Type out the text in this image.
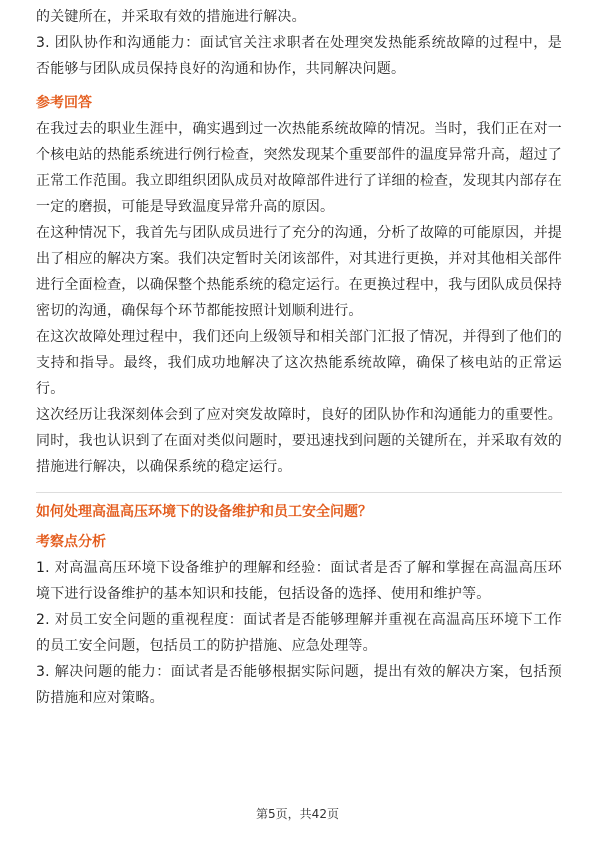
的关键所在，并采取有效的措施进行解决。

3. 团队协作和沟通能力：面试官关注求职者在处理突发热能系统故障的过程中，是否能够与团队成员保持良好的沟通和协作，共同解决问题。

参考回答

在我过去的职业生涯中，确实遇到过一次热能系统故障的情况。当时，我们正在对一个核电站的热能系统进行例行检查，突然发现某个重要部件的温度异常升高，超过了正常工作范围。我立即组织团队成员对故障部件进行了详细的检查，发现其内部存在一定的磨损，可能是导致温度异常升高的原因。

在这种情况下，我首先与团队成员进行了充分的沟通，分析了故障的可能原因，并提出了相应的解决方案。我们决定暂时关闭该部件，对其进行更换，并对其他相关部件进行全面检查，以确保整个热能系统的稳定运行。在更换过程中，我与团队成员保持密切的沟通，确保每个环节都能按照计划顺利进行。

在这次故障处理过程中，我们还向上级领导和相关部门汇报了情况，并得到了他们的支持和指导。最终，我们成功地解决了这次热能系统故障，确保了核电站的正常运行。

这次经历让我深刻体会到了应对突发故障时，良好的团队协作和沟通能力的重要性。同时，我也认识到了在面对类似问题时，要迅速找到问题的关键所在，并采取有效的措施进行解决，以确保系统的稳定运行。

如何处理高温高压环境下的设备维护和员工安全问题？

考察点分析

1. 对高温高压环境下设备维护的理解和经验：面试者是否了解和掌握在高温高压环境下进行设备维护的基本知识和技能，包括设备的选择、使用和维护等。

2. 对员工安全问题的重视程度：面试者是否能够理解并重视在高温高压环境下工作的员工安全问题，包括员工的防护措施、应急处理等。

3. 解决问题的能力：面试者是否能够根据实际问题，提出有效的解决方案，包括预防措施和应对策略。

第5页，共42页
